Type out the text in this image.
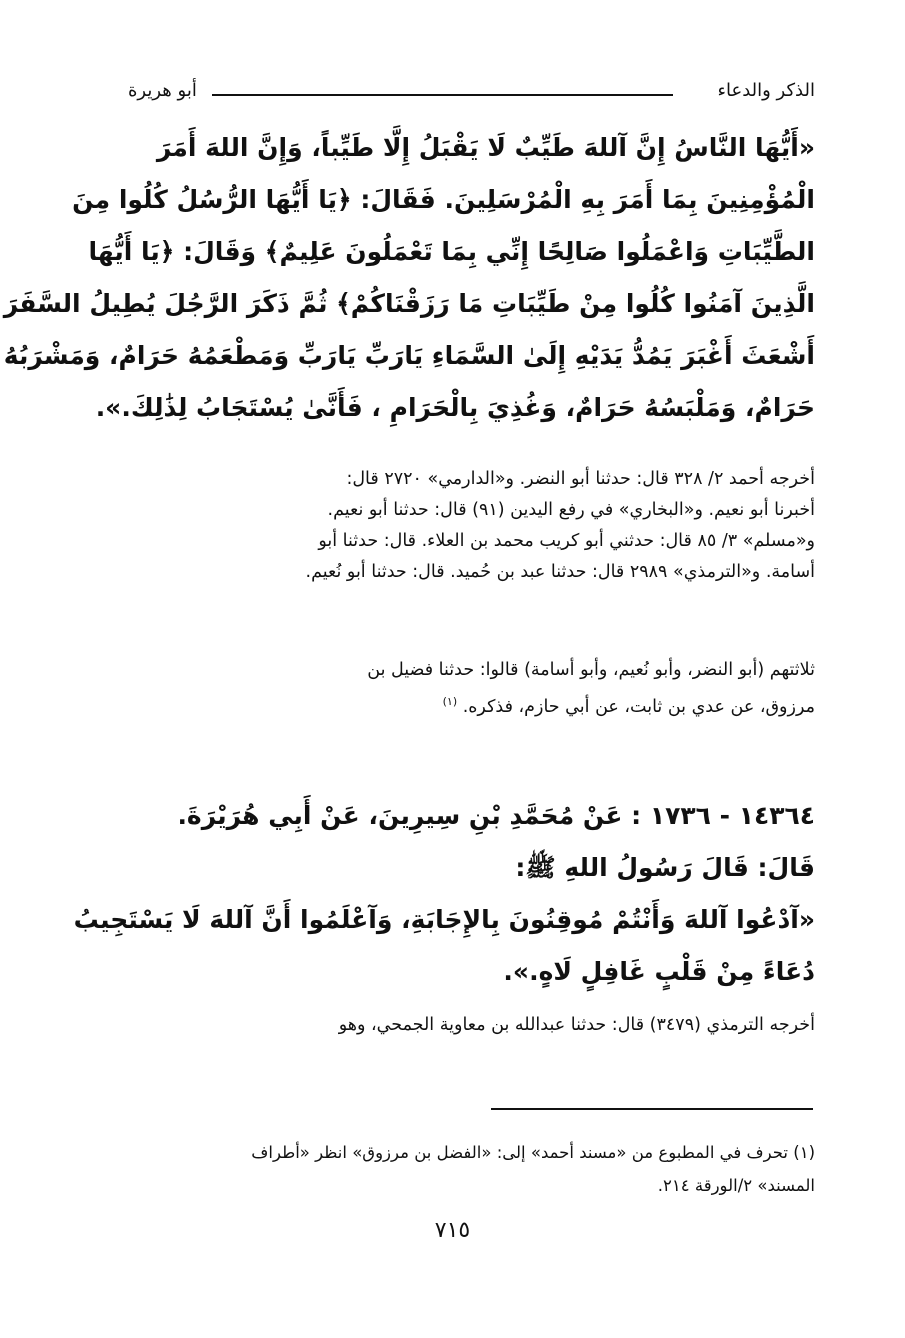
الذكر والدعاء
أبو هريرة
«أَيُّهَا النَّاسُ إِنَّ آللهَ طَيِّبٌ لَا يَقْبَلُ إِلَّا طَيِّباً، وَإِنَّ اللهَ أَمَرَ
الْمُؤْمِنِينَ بِمَا أَمَرَ بِهِ الْمُرْسَلِينَ. فَقَالَ: ﴿يَا أَيُّهَا الرُّسُلُ كُلُوا مِنَ
الطَّيِّبَاتِ وَاعْمَلُوا صَالِحًا إِنِّي بِمَا تَعْمَلُونَ عَلِيمٌ﴾ وَقَالَ: ﴿يَا أَيُّهَا
الَّذِينَ آمَنُوا كُلُوا مِنْ طَيِّبَاتِ مَا رَزَقْنَاكُمْ﴾ ثُمَّ ذَكَرَ الرَّجُلَ يُطِيلُ السَّفَرَ
أَشْعَثَ أَغْبَرَ يَمُدُّ يَدَيْهِ إِلَىٰ السَّمَاءِ يَارَبِّ يَارَبِّ وَمَطْعَمُهُ حَرَامٌ، وَمَشْرَبُهُ
حَرَامٌ، وَمَلْبَسُهُ حَرَامٌ، وَغُذِيَ بِالْحَرَامِ ، فَأَنَّىٰ يُسْتَجَابُ لِذَٰلِكَ.».
أخرجه أحمد ٢/ ٣٢٨ قال: حدثنا أبو النضر. و«الدارمي» ٢٧٢٠ قال:
أخبرنا أبو نعيم. و«البخاري» في رفع اليدين (٩١) قال: حدثنا أبو نعيم.
و«مسلم» ٣/ ٨٥ قال: حدثني أبو كريب محمد بن العلاء. قال: حدثنا أبو
أسامة. و«الترمذي» ٢٩٨٩ قال: حدثنا عبد بن حُميد. قال: حدثنا أبو نُعيم.
ثلاثتهم (أبو النضر، وأبو نُعيم، وأبو أسامة) قالوا: حدثنا فضيل بن
مرزوق، عن عدي بن ثابت، عن أبي حازم، فذكره. $^{(١)}$
١٤٣٦٤ - ١٧٣٦ : عَنْ مُحَمَّدِ بْنِ سِيرِينَ، عَنْ أَبِي هُرَيْرَةَ.
قَالَ: قَالَ رَسُولُ اللهِ ﷺ:
«آدْعُوا آللهَ وَأَنْتُمْ مُوقِنُونَ بِالإِجَابَةِ، وَآعْلَمُوا أَنَّ آللهَ لَا يَسْتَجِيبُ
دُعَاءً مِنْ قَلْبٍ غَافِلٍ لَاهٍ.».
أخرجه الترمذي (٣٤٧٩) قال: حدثنا عبدالله بن معاوية الجمحي، وهو
(١) تحرف في المطبوع من «مسند أحمد» إلى: «الفضل بن مرزوق» انظر «أطراف
المسند» ٢/الورقة ٢١٤.
٧١٥
